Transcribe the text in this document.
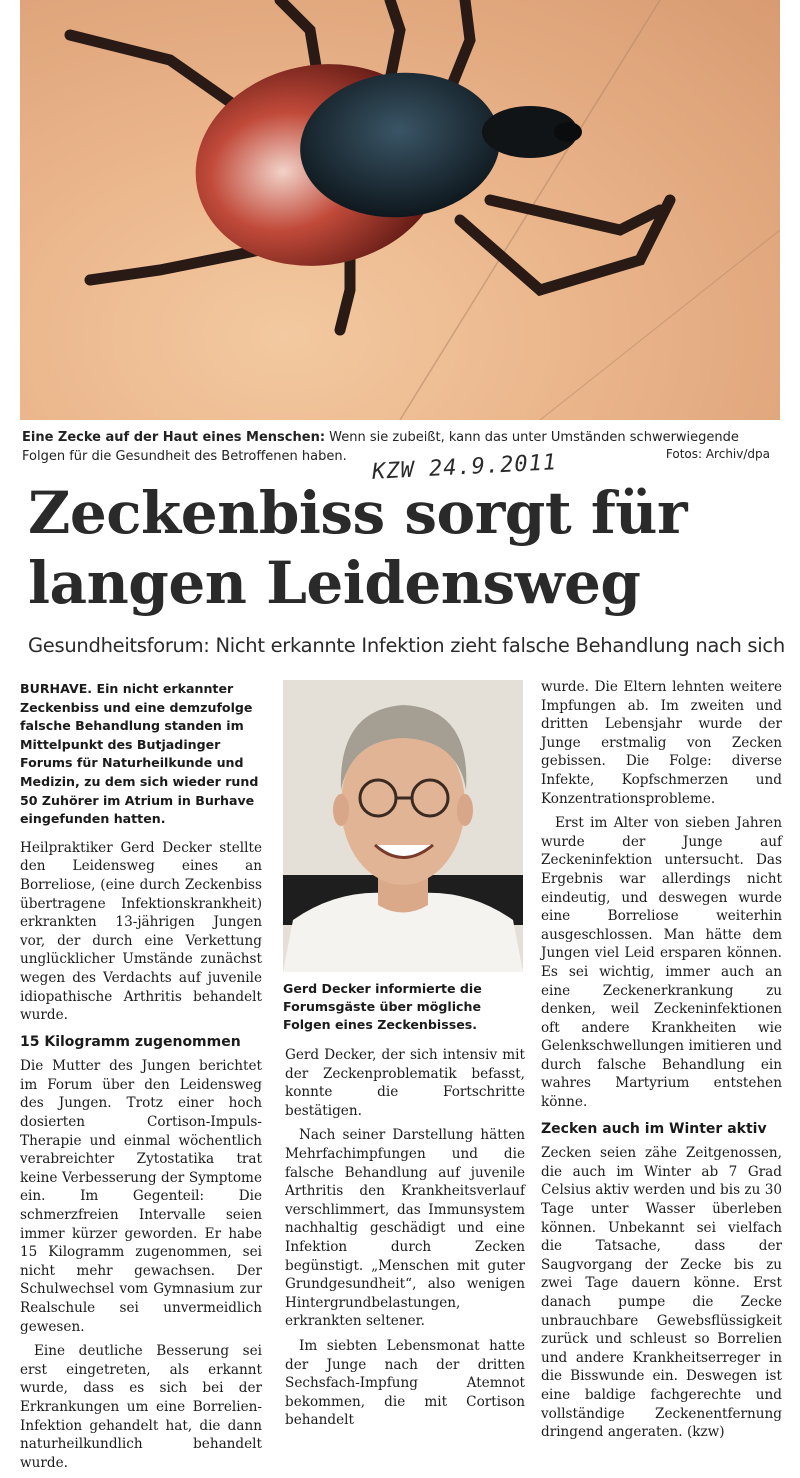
Eine Zecke auf der Haut eines Menschen: Wenn sie zubeißt, kann das unter Umständen schwerwiegende Folgen für die Gesundheit des Betroffenen haben.	Fotos: Archiv/dpa
KZW 24.9.2011
Zeckenbiss sorgt für
langen Leidensweg
Gesundheitsforum: Nicht erkannte Infektion zieht falsche Behandlung nach sich

BURHAVE. Ein nicht erkannter Zeckenbiss und eine demzufolge falsche Behandlung standen im Mittelpunkt des Butjadinger Forums für Naturheilkunde und Medizin, zu dem sich wieder rund 50 Zuhörer im Atrium in Burhave eingefunden hatten.

Heilpraktiker Gerd Decker stellte den Leidensweg eines an Borreliose, (eine durch Zeckenbiss übertragene Infektionskrankheit) erkrankten 13-jährigen Jungen vor, der durch eine Verkettung unglücklicher Umstände zunächst wegen des Verdachts auf juvenile idiopathische Arthritis behandelt wurde.

15 Kilogramm zugenommen

Die Mutter des Jungen berichtet im Forum über den Leidensweg des Jungen. Trotz einer hoch dosierten Cortison-Impuls-Therapie und einmal wöchentlich verabreichter Zytostatika trat keine Verbesserung der Symptome ein. Im Gegenteil: Die schmerzfreien Intervalle seien immer kürzer geworden. Er habe 15 Kilogramm zugenommen, sei nicht mehr gewachsen. Der Schulwechsel vom Gymnasium zur Realschule sei unvermeidlich gewesen.

Eine deutliche Besserung sei erst eingetreten, als erkannt wurde, dass es sich bei der Erkrankungen um eine Borrelien-Infektion gehandelt hat, die dann naturheilkundlich behandelt wurde.

Gerd Decker informierte die Forumsgäste über mögliche Folgen eines Zeckenbisses.

Gerd Decker, der sich intensiv mit der Zeckenproblematik befasst, konnte die Fortschritte bestätigen.

Nach seiner Darstellung hätten Mehrfachimpfungen und die falsche Behandlung auf juvenile Arthritis den Krankheitsverlauf verschlimmert, das Immunsystem nachhaltig geschädigt und eine Infektion durch Zecken begünstigt. „Menschen mit guter Grundgesundheit“, also wenigen Hintergrundbelastungen, erkrankten seltener.

Im siebten Lebensmonat hatte der Junge nach der dritten Sechsfach-Impfung Atemnot bekommen, die mit Cortison behandelt

wurde. Die Eltern lehnten weitere Impfungen ab. Im zweiten und dritten Lebensjahr wurde der Junge erstmalig von Zecken gebissen. Die Folge: diverse Infekte, Kopfschmerzen und Konzentrationsprobleme.

Erst im Alter von sieben Jahren wurde der Junge auf Zeckeninfektion untersucht. Das Ergebnis war allerdings nicht eindeutig, und deswegen wurde eine Borreliose weiterhin ausgeschlossen. Man hätte dem Jungen viel Leid ersparen können. Es sei wichtig, immer auch an eine Zeckenerkrankung zu denken, weil Zeckeninfektionen oft andere Krankheiten wie Gelenkschwellungen imitieren und durch falsche Behandlung ein wahres Martyrium entstehen könne.

Zecken auch im Winter aktiv

Zecken seien zähe Zeitgenossen, die auch im Winter ab 7 Grad Celsius aktiv werden und bis zu 30 Tage unter Wasser überleben können. Unbekannt sei vielfach die Tatsache, dass der Saugvorgang der Zecke bis zu zwei Tage dauern könne. Erst danach pumpe die Zecke unbrauchbare Gewebsflüssigkeit zurück und schleust so Borrelien und andere Krankheitserreger in die Bisswunde ein. Deswegen ist eine baldige fachgerechte und vollständige Zeckenentfernung dringend angeraten. (kzw)
